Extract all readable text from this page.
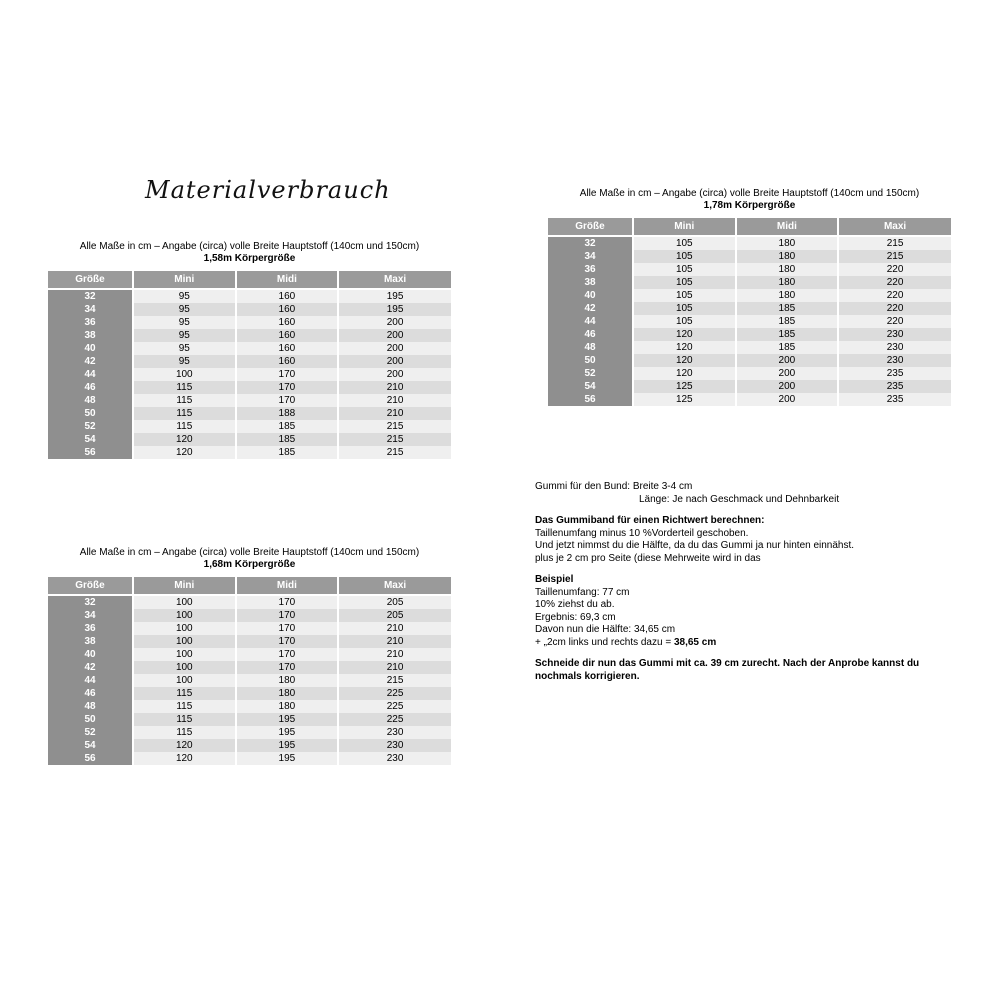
Materialverbrauch
Alle Maße in cm – Angabe (circa) volle Breite Hauptstoff (140cm und 150cm)
1,58m Körpergröße
Größe	Mini	Midi	Maxi
32	95	160	195
34	95	160	195
36	95	160	200
38	95	160	200
40	95	160	200
42	95	160	200
44	100	170	200
46	115	170	210
48	115	170	210
50	115	188	210
52	115	185	215
54	120	185	215
56	120	185	215
Alle Maße in cm – Angabe (circa) volle Breite Hauptstoff (140cm und 150cm)
1,68m Körpergröße
Größe	Mini	Midi	Maxi
32	100	170	205
34	100	170	205
36	100	170	210
38	100	170	210
40	100	170	210
42	100	170	210
44	100	180	215
46	115	180	225
48	115	180	225
50	115	195	225
52	115	195	230
54	120	195	230
56	120	195	230
Alle Maße in cm – Angabe (circa) volle Breite Hauptstoff (140cm und 150cm)
1,78m Körpergröße
Größe	Mini	Midi	Maxi
32	105	180	215
34	105	180	215
36	105	180	220
38	105	180	220
40	105	180	220
42	105	185	220
44	105	185	220
46	120	185	230
48	120	185	230
50	120	200	230
52	120	200	235
54	125	200	235
56	125	200	235

Gummi für den Bund: Breite 3-4 cm

Länge: Je nach Geschmack und Dehnbarkeit

Das Gummiband für einen Richtwert berechnen:

Taillenumfang minus 10 %Vorderteil geschoben.

Und jetzt nimmst du die Hälfte, da du das Gummi ja nur hinten einnähst.

plus je 2 cm pro Seite (diese Mehrweite wird in das

Beispiel

Taillenumfang: 77 cm

10% ziehst du ab.

Ergebnis: 69,3 cm

Davon nun die Hälfte: 34,65 cm

+ „2cm links und rechts dazu = 38,65 cm

Schneide dir nun das Gummi mit ca. 39 cm zurecht. Nach der Anprobe kannst du nochmals korrigieren.
